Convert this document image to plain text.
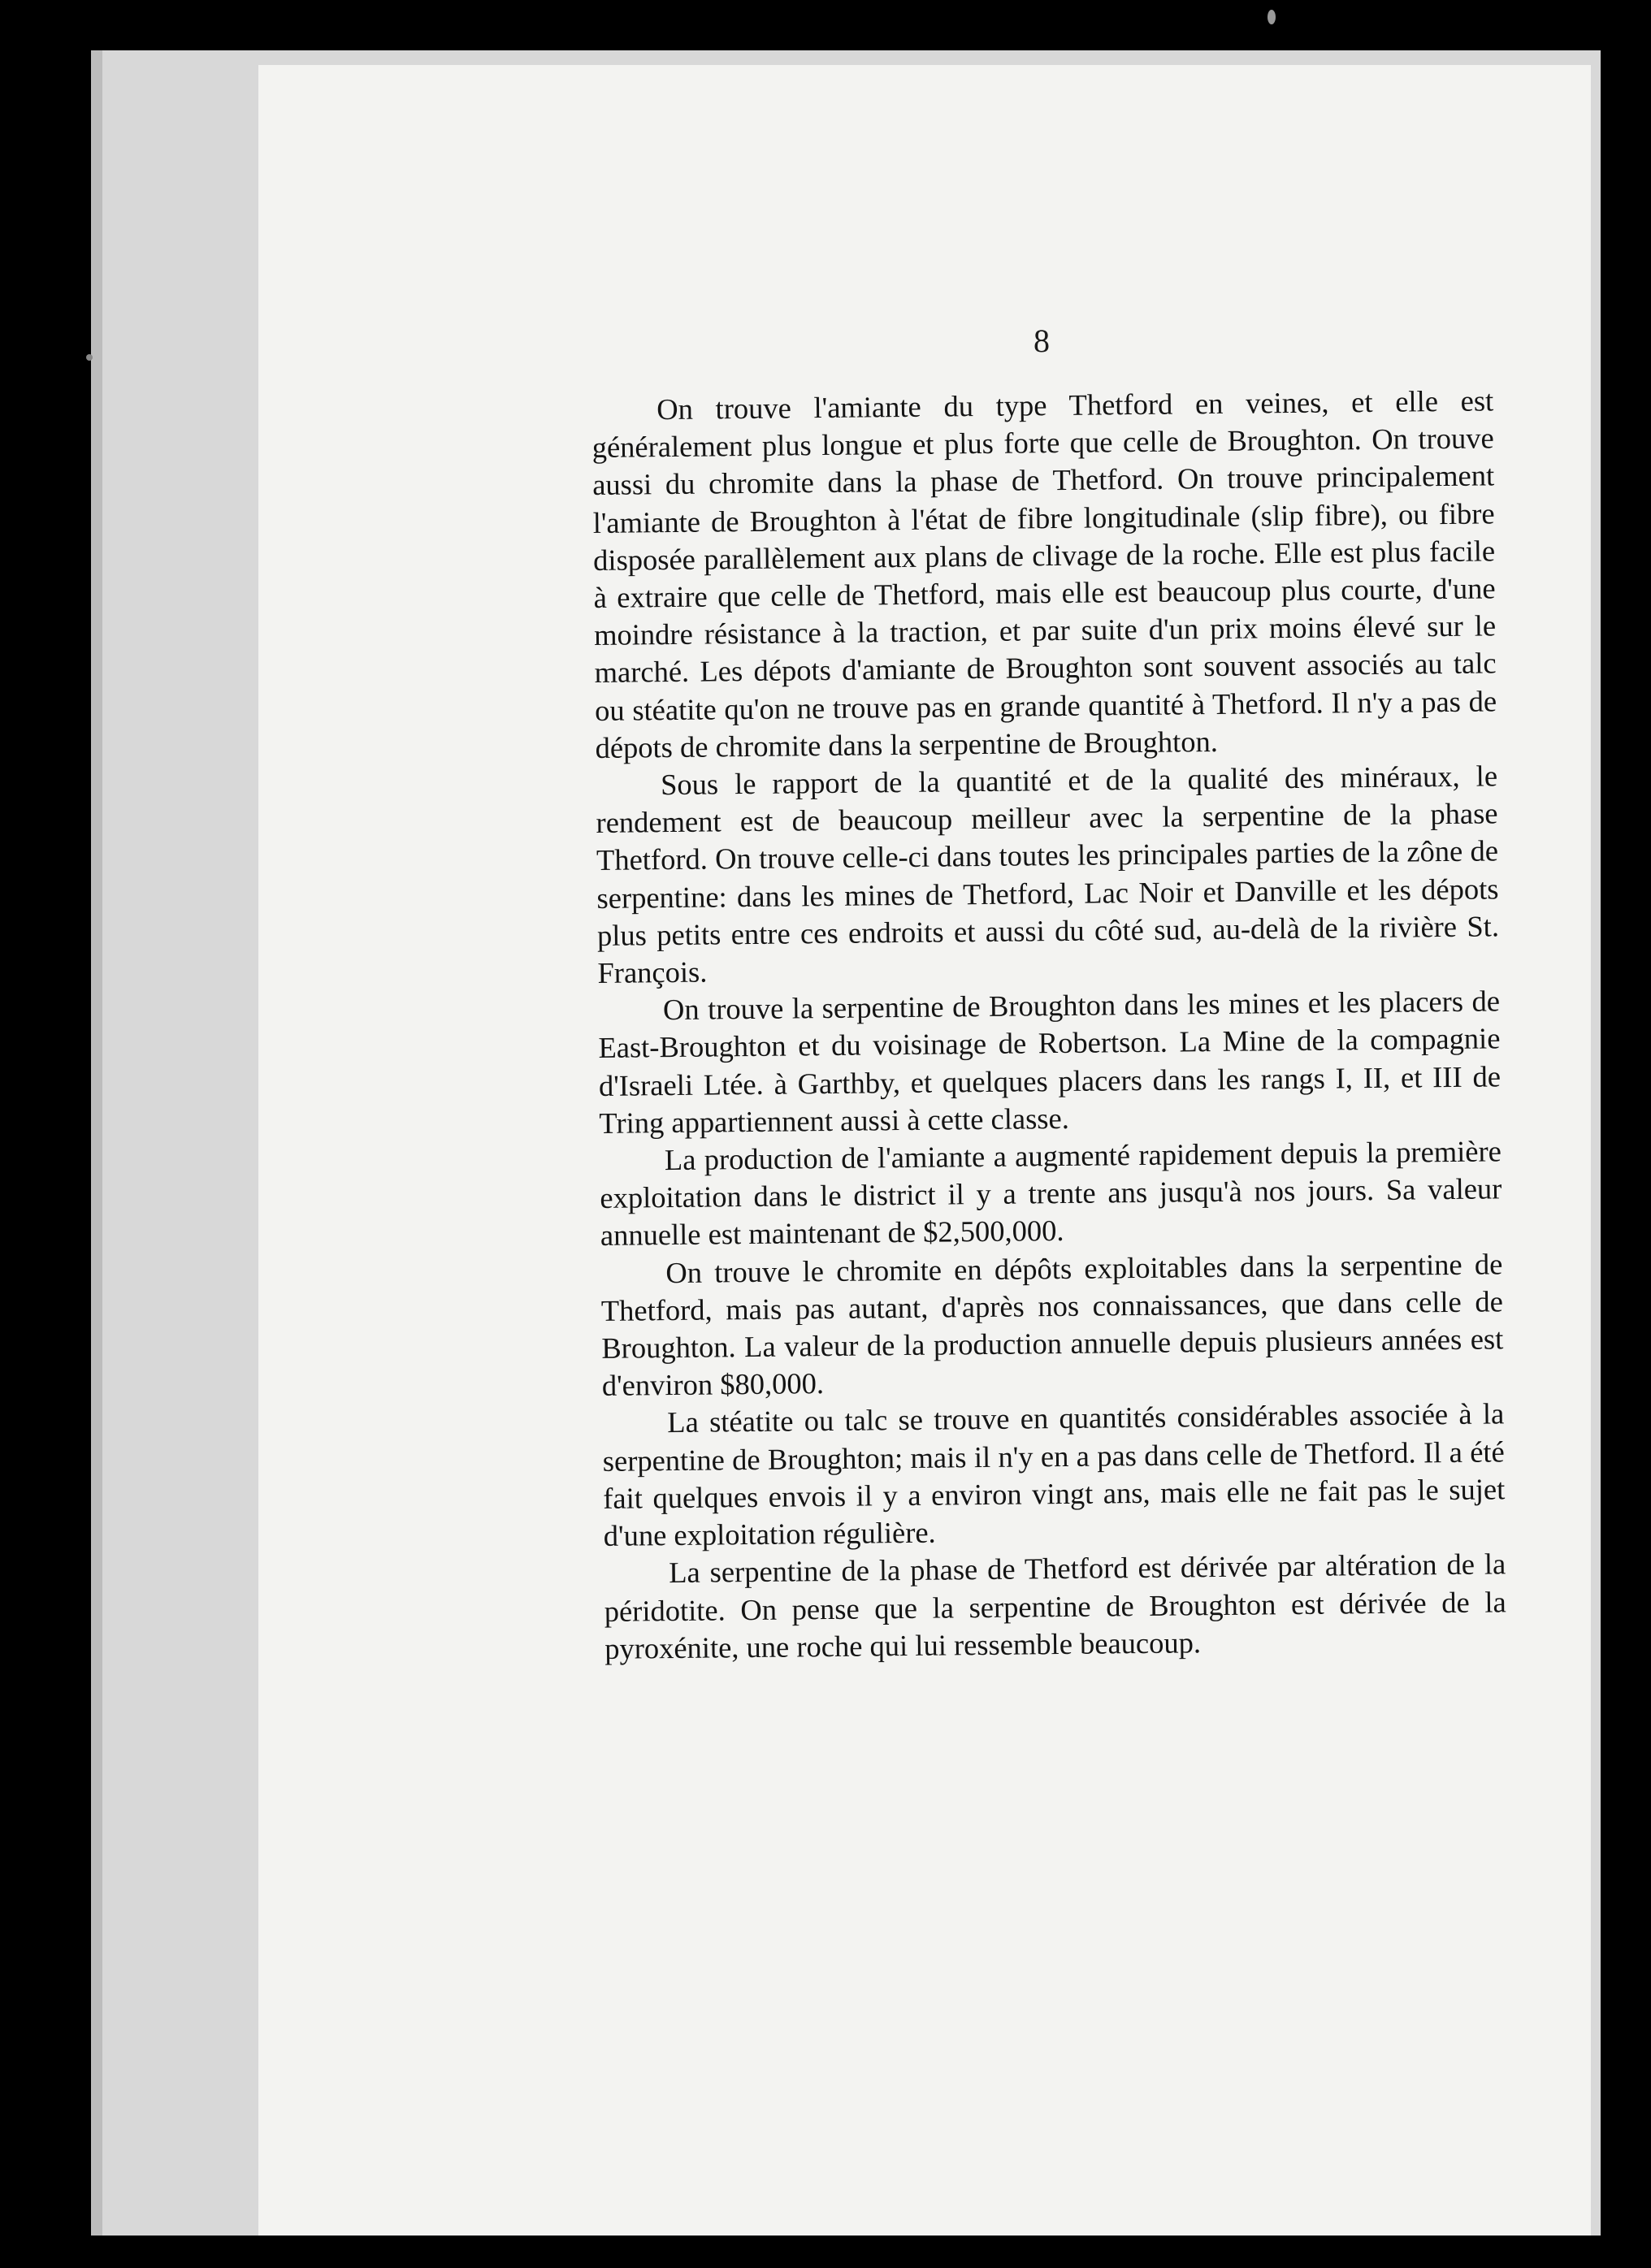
8

On trouve l'amiante du type Thetford en veines, et elle est généralement plus longue et plus forte que celle de Broughton. On trouve aussi du chromite dans la phase de Thetford. On trouve principalement l'amiante de Broughton à l'état de fibre longitudinale (slip fibre), ou fibre disposée parallèlement aux plans de clivage de la roche. Elle est plus facile à extraire que celle de Thetford, mais elle est beaucoup plus courte, d'une moindre résistance à la traction, et par suite d'un prix moins élevé sur le marché. Les dépots d'amiante de Broughton sont souvent associés au talc ou stéatite qu'on ne trouve pas en grande quantité à Thetford. Il n'y a pas de dépots de chromite dans la serpentine de Broughton.

Sous le rapport de la quantité et de la qualité des minéraux, le rendement est de beaucoup meilleur avec la serpentine de la phase Thetford. On trouve celle-ci dans toutes les principales parties de la zône de serpentine: dans les mines de Thetford, Lac Noir et Danville et les dépots plus petits entre ces endroits et aussi du côté sud, au-delà de la rivière St. François.

On trouve la serpentine de Broughton dans les mines et les placers de East-Broughton et du voisinage de Robertson. La Mine de la compagnie d'Israeli Ltée. à Garthby, et quelques placers dans les rangs I, II, et III de Tring appartiennent aussi à cette classe.

La production de l'amiante a augmenté rapidement depuis la première exploitation dans le district il y a trente ans jusqu'à nos jours. Sa valeur annuelle est maintenant de $2,500,000.

On trouve le chromite en dépôts exploitables dans la serpentine de Thetford, mais pas autant, d'après nos connaissances, que dans celle de Broughton. La valeur de la production annuelle depuis plusieurs années est d'environ $80,000.

La stéatite ou talc se trouve en quantités considérables associée à la serpentine de Broughton; mais il n'y en a pas dans celle de Thetford. Il a été fait quelques envois il y a environ vingt ans, mais elle ne fait pas le sujet d'une exploitation régulière.

La serpentine de la phase de Thetford est dérivée par altération de la péridotite. On pense que la serpentine de Broughton est dérivée de la pyroxénite, une roche qui lui ressemble beaucoup.
